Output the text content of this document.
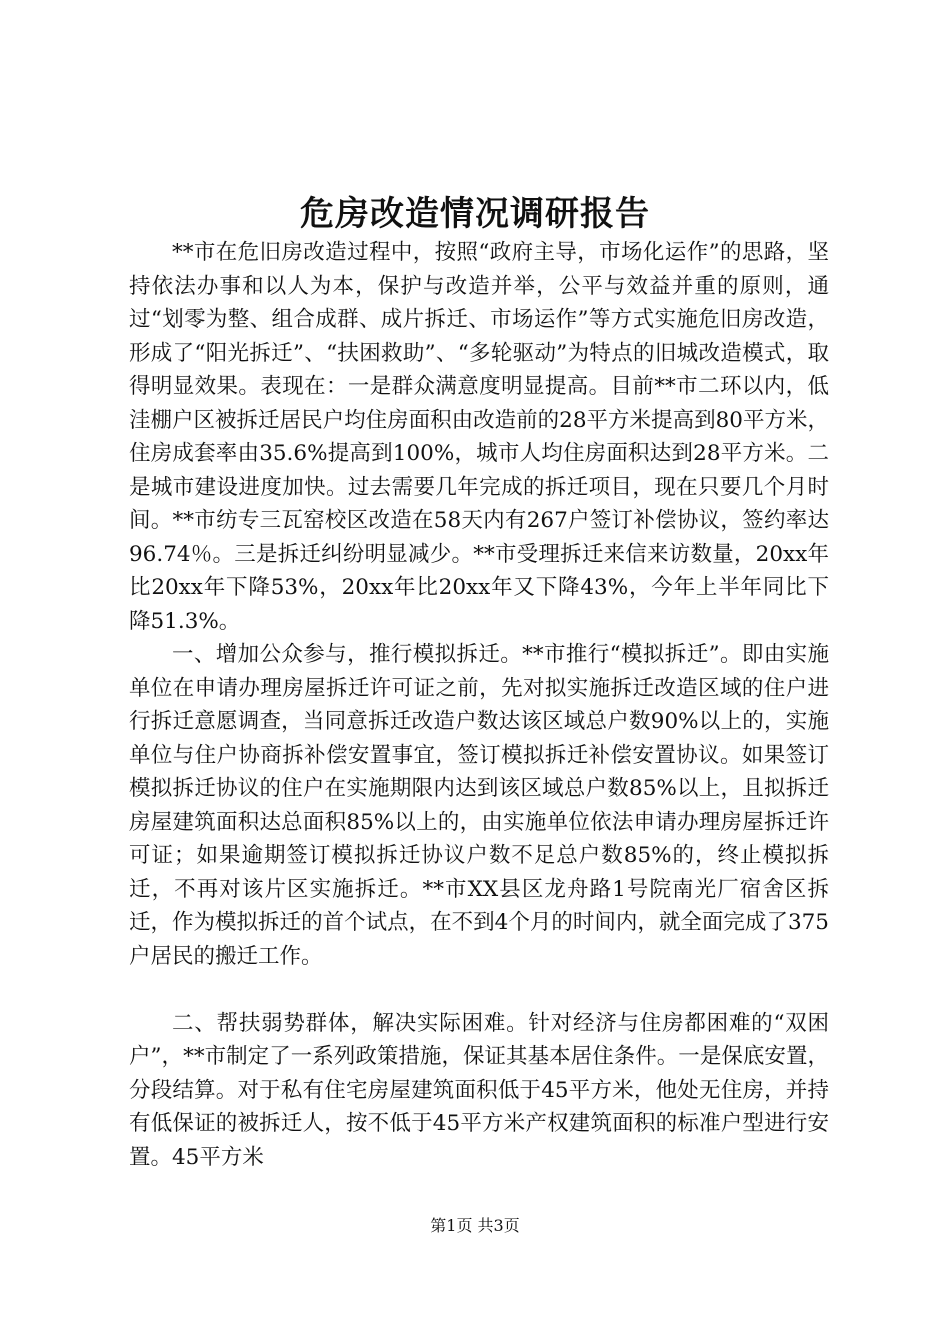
危房改造情况调研报告

**市在危旧房改造过程中，按照“政府主导，市场化运作”的思路，坚持依法办事和以人为本，保护与改造并举，公平与效益并重的原则，通过“划零为整、组合成群、成片拆迁、市场运作”等方式实施危旧房改造，形成了“阳光拆迁”、“扶困救助”、“多轮驱动”为特点的旧城改造模式，取得明显效果。表现在：一是群众满意度明显提高。目前**市二环以内，低洼棚户区被拆迁居民户均住房面积由改造前的28平方米提高到80平方米，住房成套率由35.6%提高到100%，城市人均住房面积达到28平方米。二是城市建设进度加快。过去需要几年完成的拆迁项目，现在只要几个月时间。**市纺专三瓦窑校区改造在58天内有267户签订补偿协议，签约率达96.74％。三是拆迁纠纷明显减少。**市受理拆迁来信来访数量，20xx年比20xx年下降53%，20xx年比20xx年又下降43%，今年上半年同比下降51.3%。

一、增加公众参与，推行模拟拆迁。**市推行“模拟拆迁”。即由实施单位在申请办理房屋拆迁许可证之前，先对拟实施拆迁改造区域的住户进行拆迁意愿调查，当同意拆迁改造户数达该区域总户数90%以上的，实施单位与住户协商拆补偿安置事宜，签订模拟拆迁补偿安置协议。如果签订模拟拆迁协议的住户在实施期限内达到该区域总户数85%以上，且拟拆迁房屋建筑面积达总面积85%以上的，由实施单位依法申请办理房屋拆迁许可证；如果逾期签订模拟拆迁协议户数不足总户数85%的，终止模拟拆迁，不再对该片区实施拆迁。**市XX县区龙舟路1号院南光厂宿舍区拆迁，作为模拟拆迁的首个试点，在不到4个月的时间内，就全面完成了375户居民的搬迁工作。

二、帮扶弱势群体，解决实际困难。针对经济与住房都困难的“双困户”，**市制定了一系列政策措施，保证其基本居住条件。一是保底安置，分段结算。对于私有住宅房屋建筑面积低于45平方米，他处无住房，并持有低保证的被拆迁人，按不低于45平方米产权建筑面积的标准户型进行安置。45平方米

第1页 共3页
